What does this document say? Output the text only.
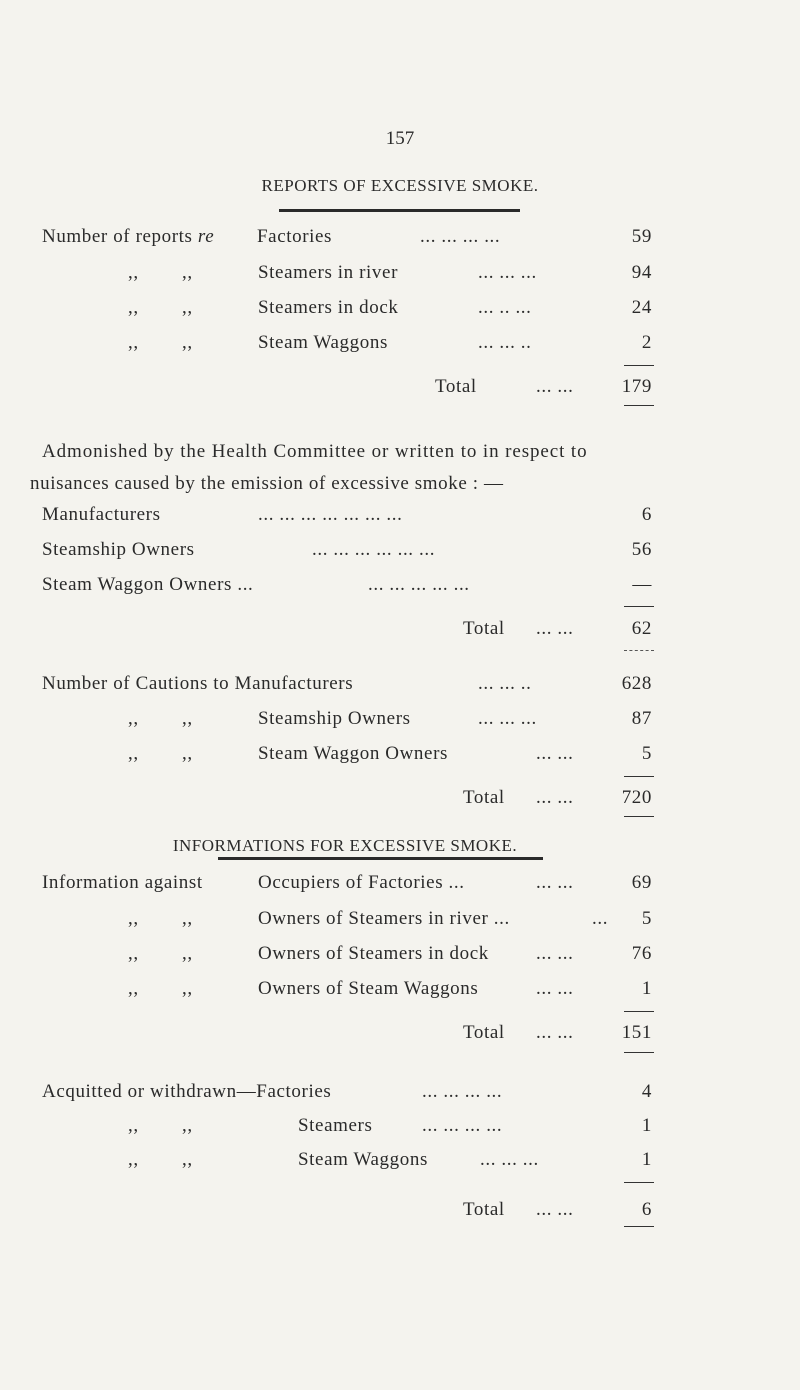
157
REPORTS OF EXCESSIVE SMOKE.
Number of reports re Factories	... ... ... ...	59
,, ,,	Steamers in river	... ... ...	94
,, ,,	Steamers in dock	... .. ...	24
,, ,,	Steam Waggons	... ... ..	2
Total	... ...	179
Admonished by the Health Committee or written to in respect to
nuisances caused by the emission of excessive smoke : —
Manufacturers	... ... ... ... ... ... ...	6
Steamship Owners	... ... ... ... ... ...	56
Steam Waggon Owners ...	... ... ... ... ...	—
Total ... ...	62
Number of Cautions to Manufacturers	... ... ..	628
,, ,,	Steamship Owners	... ... ...	87
,, ,,	Steam Waggon Owners	... ...	5
Total ... ...	720
INFORMATIONS FOR EXCESSIVE SMOKE.
Information against	Occupiers of Factories ...	... ...	69
,, ,,	Owners of Steamers in river ...	... 5
,, ,,	Owners of Steamers in dock ... ...	76
,, ,,	Owners of Steam Waggons	... ...	1
Total ... ...	151
Acquitted or withdrawn—Factories	... ... ... ...	4
,, ,,	Steamers	... ... ... ...	1
,, ,,	Steam Waggons	... ... ...	1
Total ... ...	6
